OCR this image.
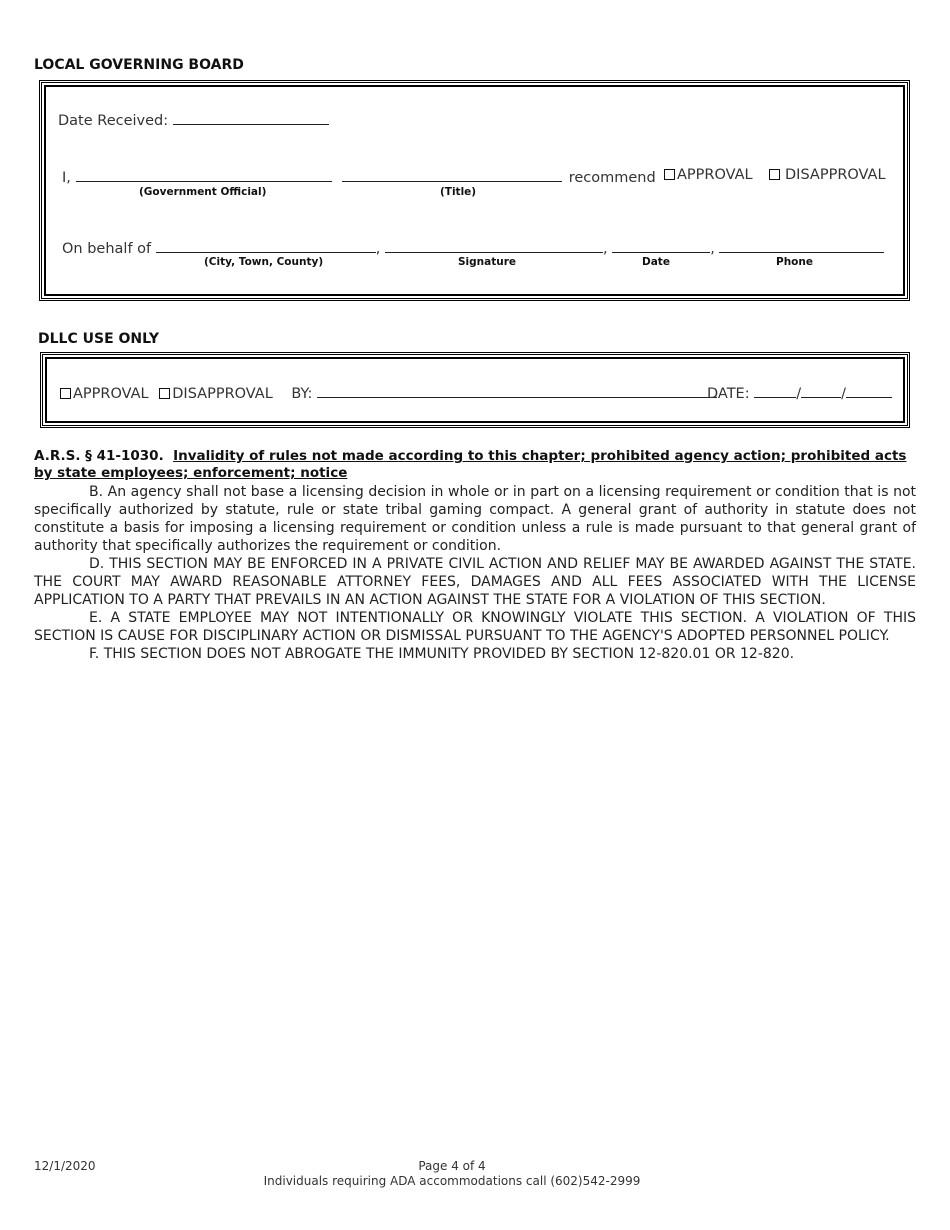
LOCAL GOVERNING BOARD
Date Received:
I,	recommend	APPROVAL	DISAPPROVAL
(Government Official)	(Title)
On behalf of	,	,	,
(City, Town, County)	Signature	Date	Phone
DLLC USE ONLY
APPROVAL DISAPPROVAL BY:	DATE:	/	/
A.R.S. § 41-1030. Invalidity of rules not made according to this chapter; prohibited agency action; prohibited acts by state employees; enforcement; notice
B. An agency shall not base a licensing decision in whole or in part on a licensing requirement or condition that is not specifically authorized by statute, rule or state tribal gaming compact. A general grant of authority in statute does not constitute a basis for imposing a licensing requirement or condition unless a rule is made pursuant to that general grant of authority that specifically authorizes the requirement or condition.
D. THIS SECTION MAY BE ENFORCED IN A PRIVATE CIVIL ACTION AND RELIEF MAY BE AWARDED AGAINST THE STATE. THE COURT MAY AWARD REASONABLE ATTORNEY FEES, DAMAGES AND ALL FEES ASSOCIATED WITH THE LICENSE APPLICATION TO A PARTY THAT PREVAILS IN AN ACTION AGAINST THE STATE FOR A VIOLATION OF THIS SECTION.
E. A STATE EMPLOYEE MAY NOT INTENTIONALLY OR KNOWINGLY VIOLATE THIS SECTION. A VIOLATION OF THIS SECTION IS CAUSE FOR DISCIPLINARY ACTION OR DISMISSAL PURSUANT TO THE AGENCY'S ADOPTED PERSONNEL POLICY.
F. THIS SECTION DOES NOT ABROGATE THE IMMUNITY PROVIDED BY SECTION 12-820.01 OR 12-820.
12/1/2020	Page 4 of 4
Individuals requiring ADA accommodations call (602)542-2999
